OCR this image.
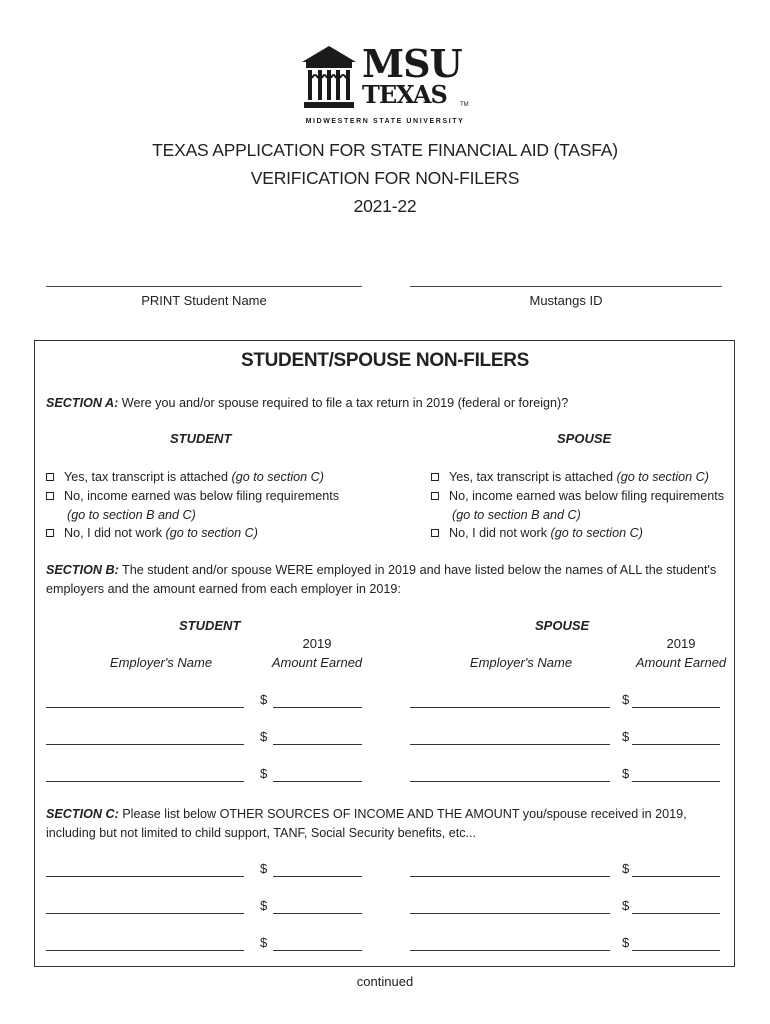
MSU
TEXAS TM
MIDWESTERN STATE UNIVERSITY
TEXAS APPLICATION FOR STATE FINANCIAL AID (TASFA)
VERIFICATION FOR NON-FILERS
2021-22
PRINT Student Name	Mustangs ID
STUDENT/SPOUSE NON-FILERS
SECTION A: Were you and/or spouse required to file a tax return in 2019 (federal or foreign)?
STUDENT	SPOUSE
Yes, tax transcript is attached (go to section C)
No, income earned was below filing requirements
(go to section B and C)
No, I did not work (go to section C)
Yes, tax transcript is attached (go to section C)
No, income earned was below filing requirements
(go to section B and C)
No, I did not work (go to section C)
SECTION B: The student and/or spouse WERE employed in 2019 and have listed below the names of ALL the student's employers and the amount earned from each employer in 2019:
STUDENT	SPOUSE
2019	2019
Employer's Name	Amount Earned	Employer's Name	Amount Earned
$	$
$	$
$	$
SECTION C: Please list below OTHER SOURCES OF INCOME AND THE AMOUNT you/spouse received in 2019, including but not limited to child support, TANF, Social Security benefits, etc...
$	$
$	$
$	$
continued
